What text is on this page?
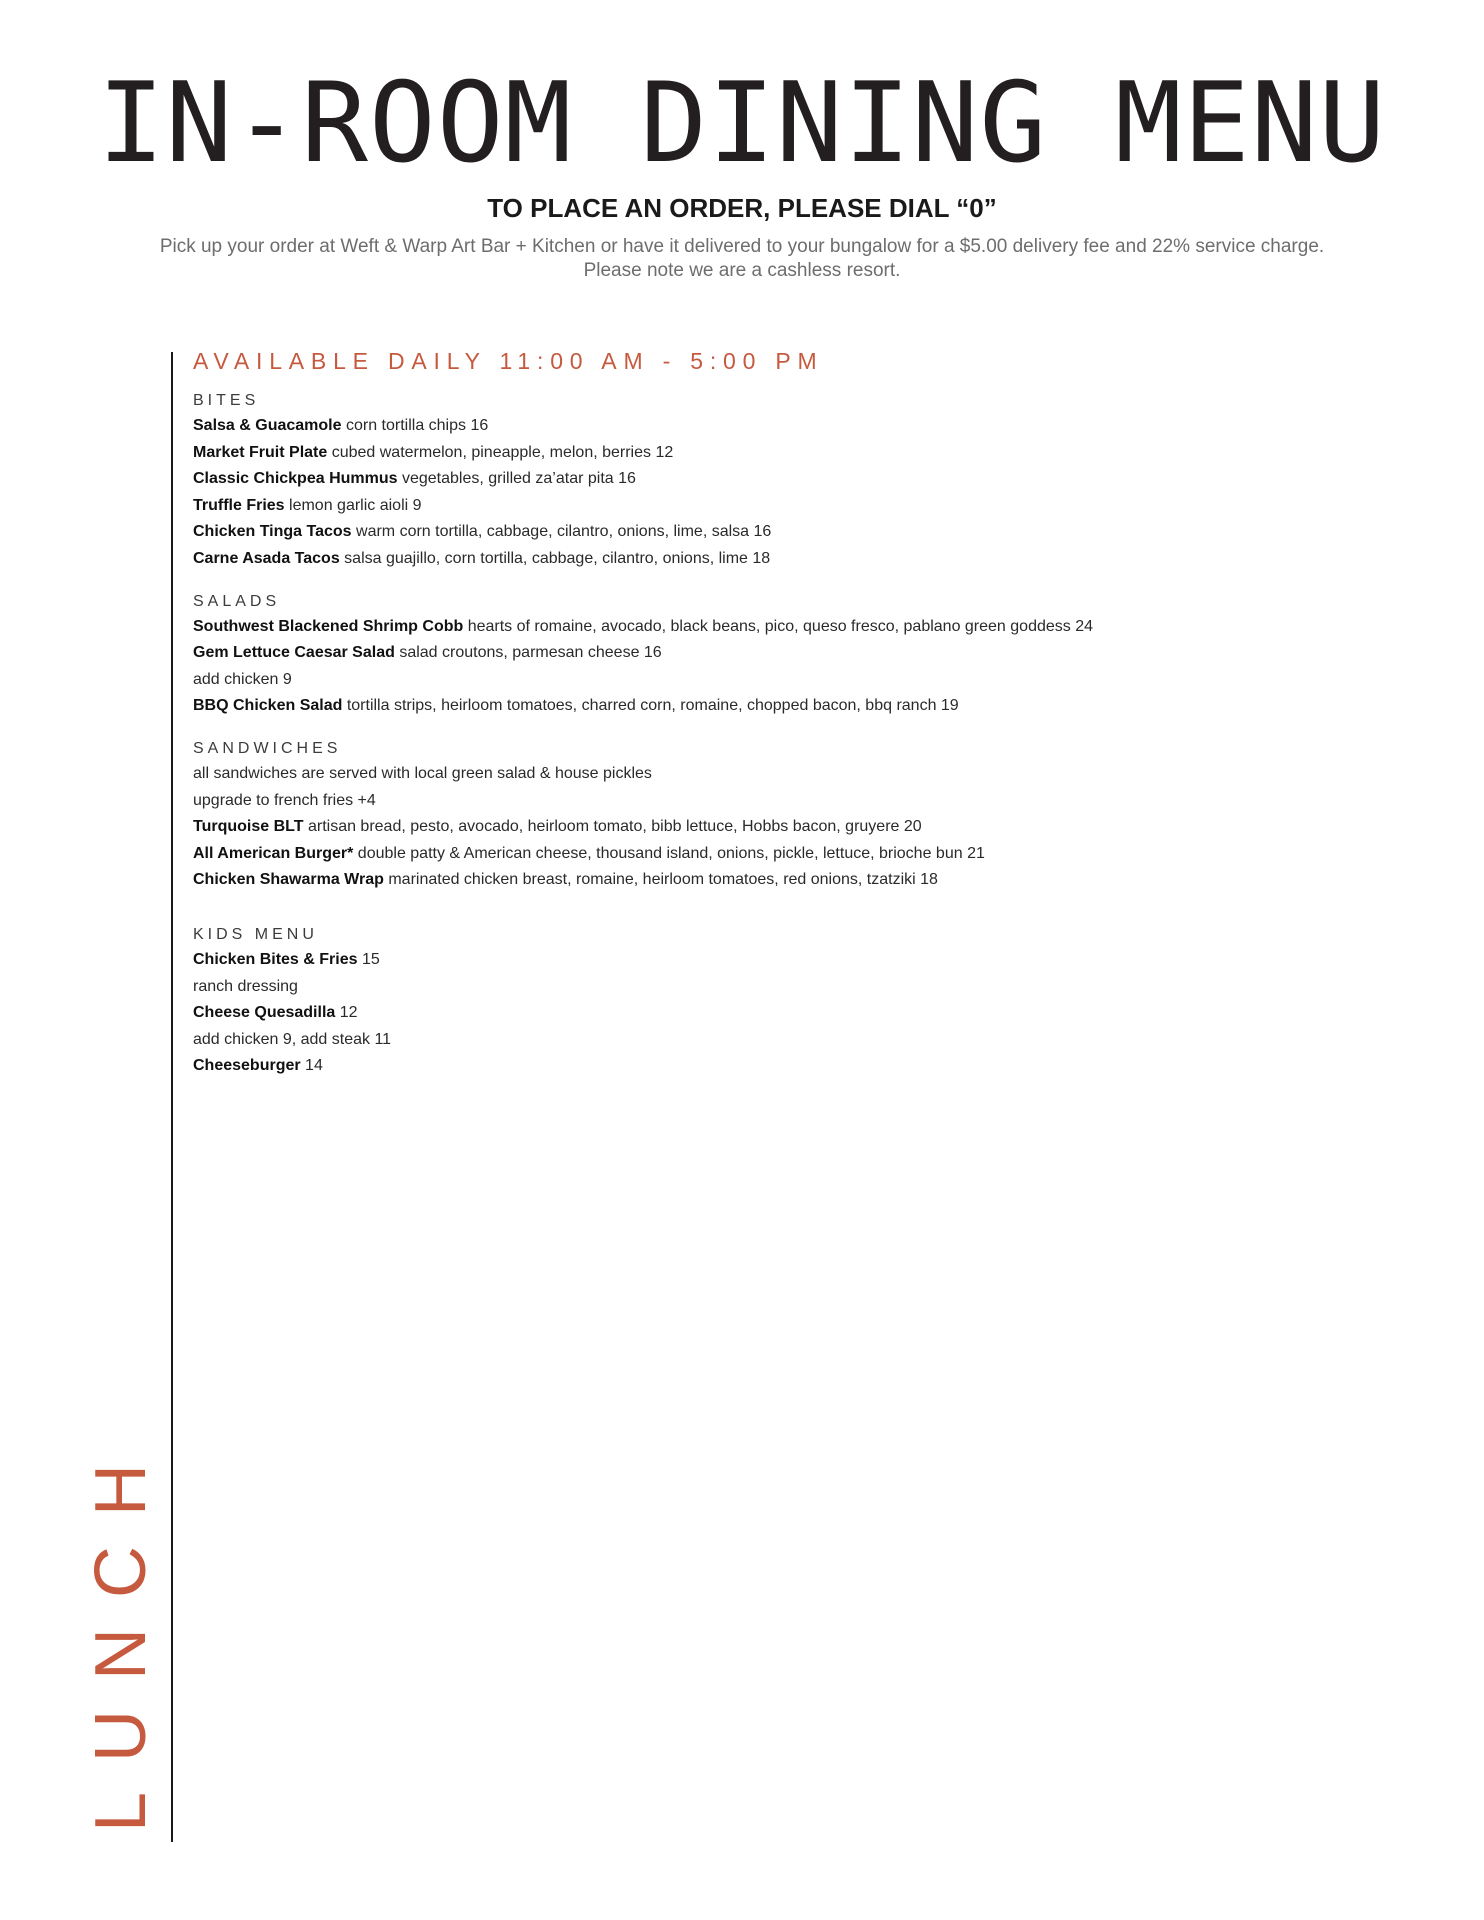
IN-ROOM DINING MENU
TO PLACE AN ORDER, PLEASE DIAL “0”
Pick up your order at Weft & Warp Art Bar + Kitchen or have it delivered to your bungalow for a $5.00 delivery fee and 22% service charge.
Please note we are a cashless resort.
LUNCH
AVAILABLE DAILY 11:00 AM - 5:00 PM
BITES
Salsa & Guacamole corn tortilla chips 16
Market Fruit Plate cubed watermelon, pineapple, melon, berries 12
Classic Chickpea Hummus vegetables, grilled za’atar pita 16
Truffle Fries lemon garlic aioli 9
Chicken Tinga Tacos warm corn tortilla, cabbage, cilantro, onions, lime, salsa 16
Carne Asada Tacos salsa guajillo, corn tortilla, cabbage, cilantro, onions, lime 18
SALADS
Southwest Blackened Shrimp Cobb hearts of romaine, avocado, black beans, pico, queso fresco, pablano green goddess 24
Gem Lettuce Caesar Salad salad croutons, parmesan cheese 16
add chicken 9
BBQ Chicken Salad tortilla strips, heirloom tomatoes, charred corn, romaine, chopped bacon, bbq ranch 19
SANDWICHES
all sandwiches are served with local green salad & house pickles
upgrade to french fries +4
Turquoise BLT artisan bread, pesto, avocado, heirloom tomato, bibb lettuce, Hobbs bacon, gruyere 20
All American Burger* double patty & American cheese, thousand island, onions, pickle, lettuce, brioche bun 21
Chicken Shawarma Wrap marinated chicken breast, romaine, heirloom tomatoes, red onions, tzatziki 18
KIDS MENU
Chicken Bites & Fries 15
ranch dressing
Cheese Quesadilla 12
add chicken 9, add steak 11
Cheeseburger 14
